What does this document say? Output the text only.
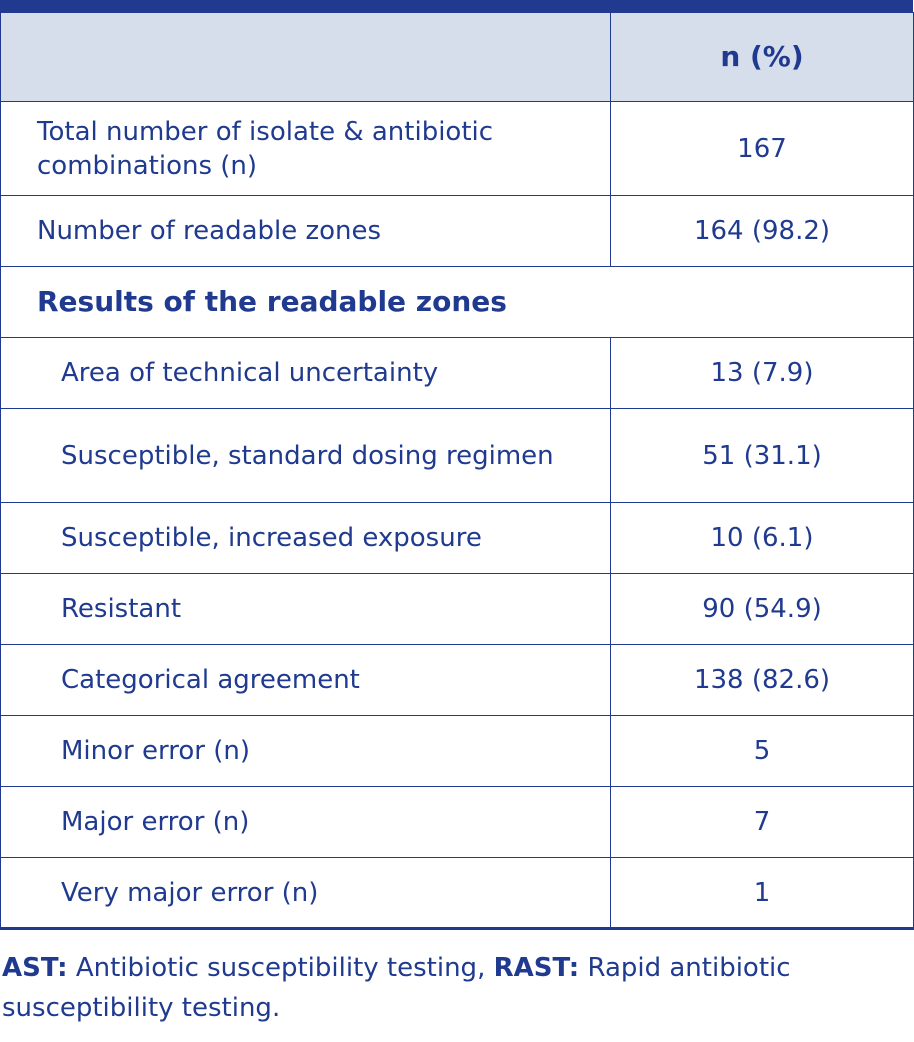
	n (%)
Total number of isolate & antibiotic combinations (n)	167
Number of readable zones	164 (98.2)
Results of the readable zones	
Area of technical uncertainty	13 (7.9)
Susceptible, standard dosing regimen	51 (31.1)
Susceptible, increased exposure	10 (6.1)
Resistant	90 (54.9)
Categorical agreement	138 (82.6)
Minor error (n)	5
Major error (n)	7
Very major error (n)	1
AST: Antibiotic susceptibility testing, RAST: Rapid antibiotic susceptibility testing.
